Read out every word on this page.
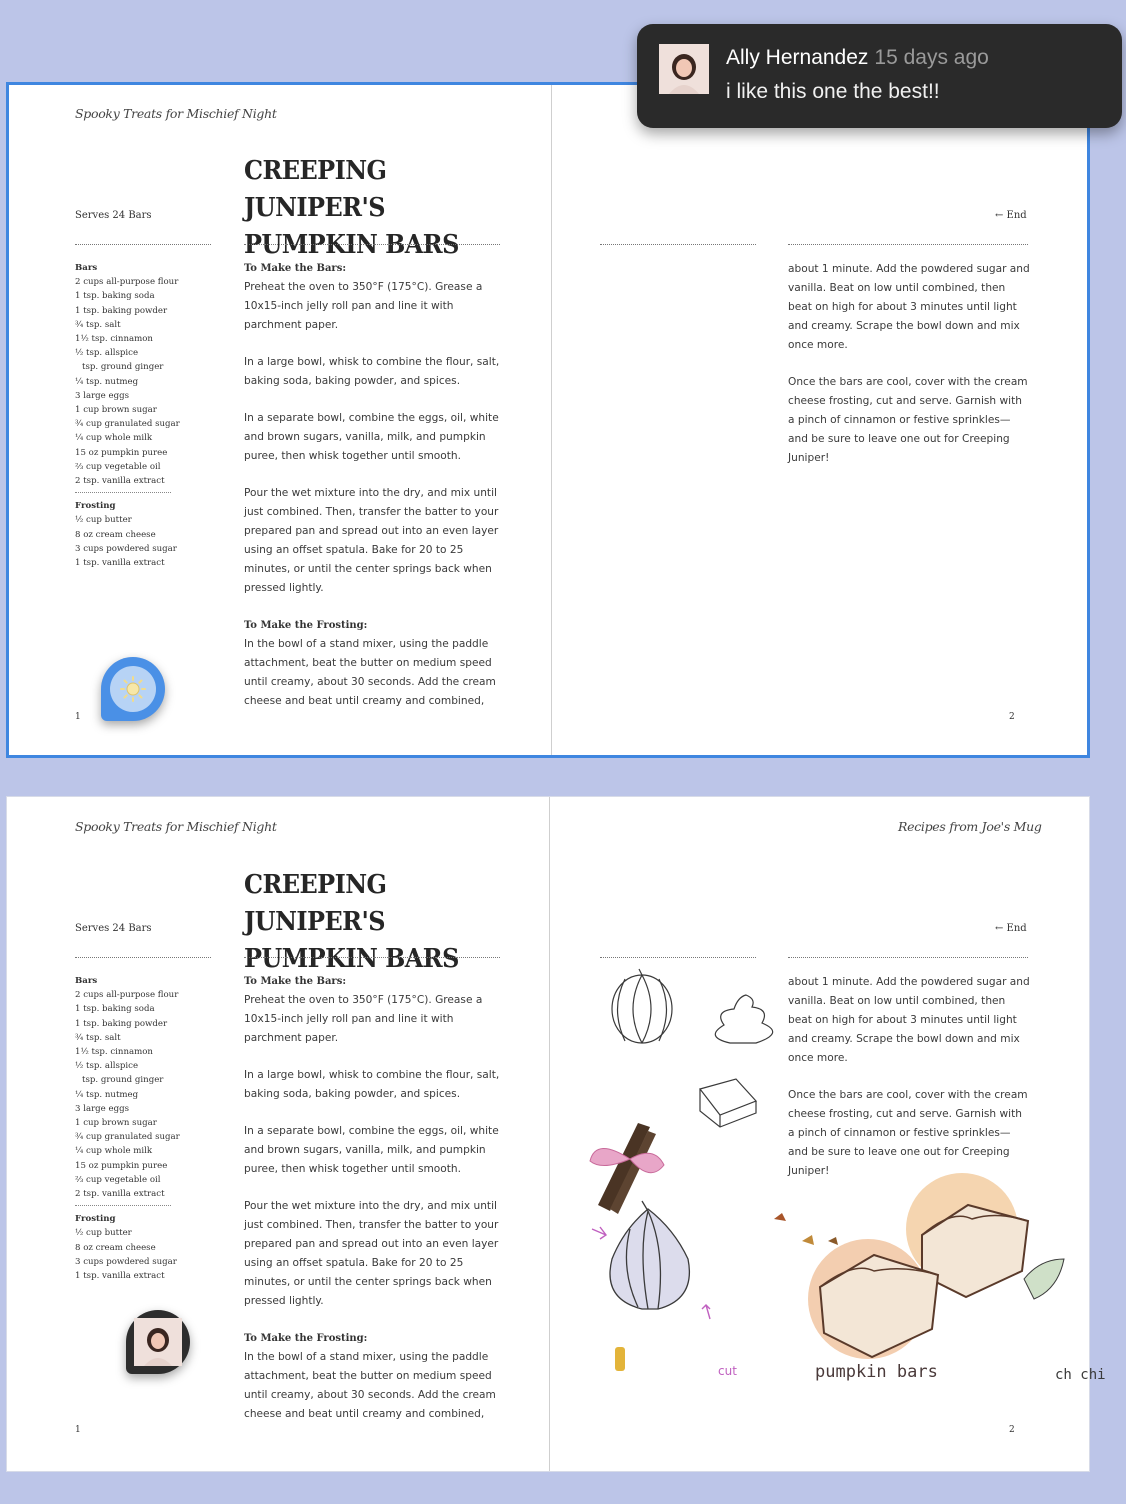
Spooky Treats for Mischief Night
CREEPING JUNIPER'S
PUMPKIN BARS
Serves 24 Bars
Bars
2 cups all-purpose flour
1 tsp. baking soda
1 tsp. baking powder
¾ tsp. salt
1½ tsp. cinnamon
½ tsp. allspice
tsp. ground ginger
¼ tsp. nutmeg
3 large eggs
1 cup brown sugar
¾ cup granulated sugar
¼ cup whole milk
15 oz pumpkin puree
⅔ cup vegetable oil
2 tsp. vanilla extract
Frosting
½ cup butter
8 oz cream cheese
3 cups powdered sugar
1 tsp. vanilla extract

To Make the Bars:
Preheat the oven to 350°F (175°C). Grease a 10x15-inch jelly roll pan and line it with parchment paper.

In a large bowl, whisk to combine the flour, salt, baking soda, baking powder, and spices.

In a separate bowl, combine the eggs, oil, white and brown sugars, vanilla, milk, and pumpkin puree, then whisk together until smooth.

Pour the wet mixture into the dry, and mix until just combined. Then, transfer the batter to your prepared pan and spread out into an even layer using an offset spatula. Bake for 20 to 25 minutes, or until the center springs back when pressed lightly.

To Make the Frosting:
In the bowl of a stand mixer, using the paddle attachment, beat the butter on medium speed until creamy, about 30 seconds. Add the cream cheese and beat until creamy and combined,

1
← End

about 1 minute. Add the powdered sugar and vanilla. Beat on low until combined, then beat on high for about 3 minutes until light and creamy. Scrape the bowl down and mix once more.

Once the bars are cool, cover with the cream cheese frosting, cut and serve. Garnish with a pinch of cinnamon or festive sprinkles—and be sure to leave one out for Creeping Juniper!

2
Spooky Treats for Mischief Night	Recipes from Joe's Mug
CREEPING JUNIPER'S
PUMPKIN BARS
Serves 24 Bars
Bars
2 cups all-purpose flour
1 tsp. baking soda
1 tsp. baking powder
¾ tsp. salt
1½ tsp. cinnamon
½ tsp. allspice
tsp. ground ginger
¼ tsp. nutmeg
3 large eggs
1 cup brown sugar
¾ cup granulated sugar
¼ cup whole milk
15 oz pumpkin puree
⅔ cup vegetable oil
2 tsp. vanilla extract
Frosting
½ cup butter
8 oz cream cheese
3 cups powdered sugar
1 tsp. vanilla extract

To Make the Bars:
Preheat the oven to 350°F (175°C). Grease a 10x15-inch jelly roll pan and line it with parchment paper.

In a large bowl, whisk to combine the flour, salt, baking soda, baking powder, and spices.

In a separate bowl, combine the eggs, oil, white and brown sugars, vanilla, milk, and pumpkin puree, then whisk together until smooth.

Pour the wet mixture into the dry, and mix until just combined. Then, transfer the batter to your prepared pan and spread out into an even layer using an offset spatula. Bake for 20 to 25 minutes, or until the center springs back when pressed lightly.

To Make the Frosting:
In the bowl of a stand mixer, using the paddle attachment, beat the butter on medium speed until creamy, about 30 seconds. Add the cream cheese and beat until creamy and combined,

1
← End

about 1 minute. Add the powdered sugar and vanilla. Beat on low until combined, then beat on high for about 3 minutes until light and creamy. Scrape the bowl down and mix once more.

Once the bars are cool, cover with the cream cheese frosting, cut and serve. Garnish with a pinch of cinnamon or festive sprinkles—and be sure to leave one out for Creeping Juniper!

2
cut	pumpkin bars	ch chi
Ally Hernandez 15 days ago
i like this one the best!!
